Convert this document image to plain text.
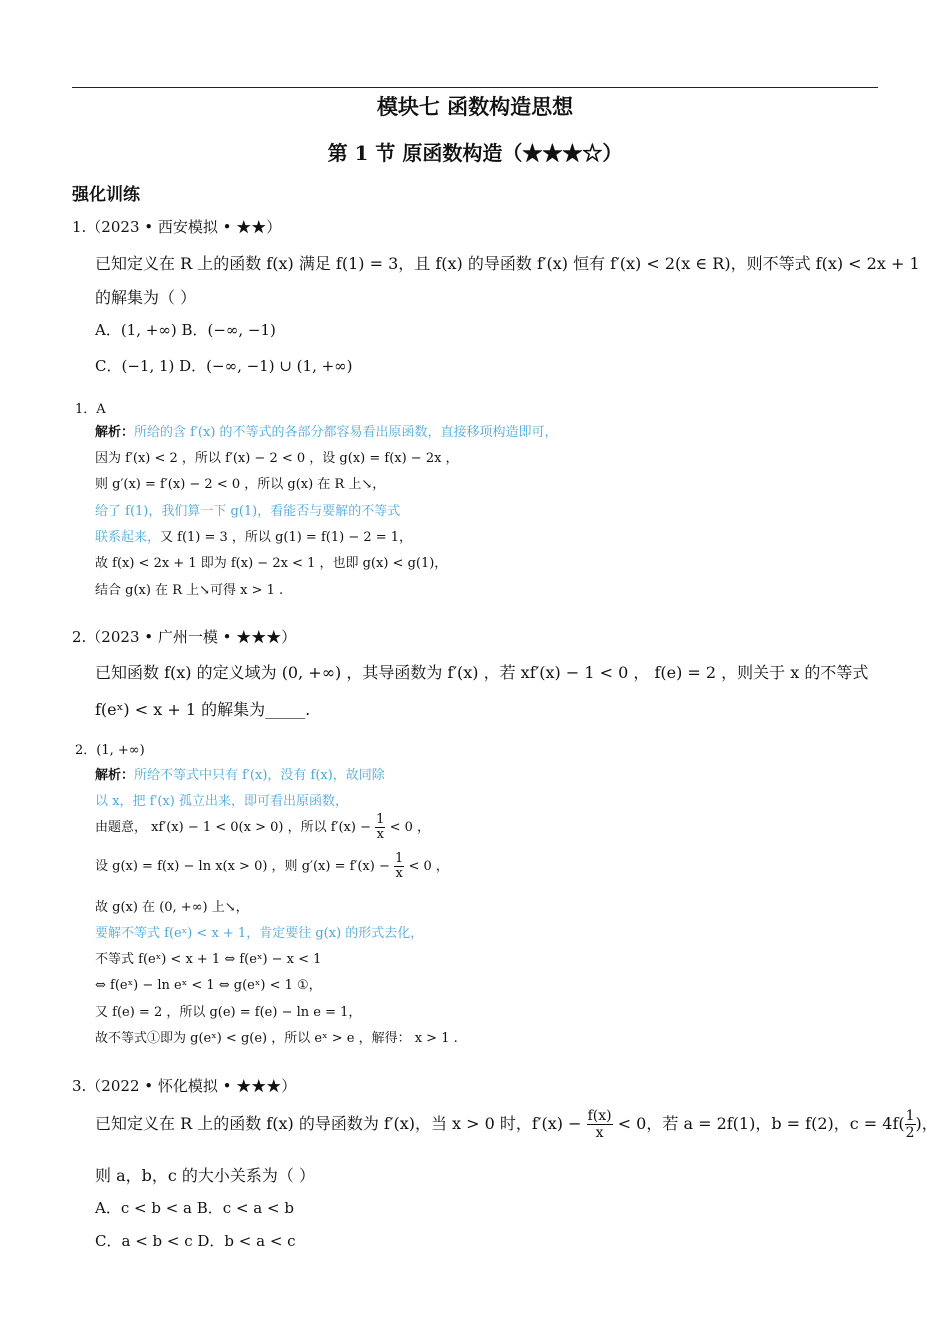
模块七 函数构造思想
第 1 节 原函数构造（★★★☆）
强化训练
1.（2023 • 西安模拟 • ★★）
已知定义在 R 上的函数 f(x) 满足 f(1) = 3，且 f(x) 的导函数 f′(x) 恒有 f′(x) < 2(x ∈ R)，则不等式 f(x) < 2x + 1
的解集为（ ）
A．(1, +∞) B．(−∞, −1)
C．(−1, 1) D．(−∞, −1) ∪ (1, +∞)
1．A
解析：所给的含 f′(x) 的不等式的各部分都容易看出原函数，直接移项构造即可，
因为 f′(x) < 2 ，所以 f′(x) − 2 < 0 ，设 g(x) = f(x) − 2x ，
则 g′(x) = f′(x) − 2 < 0 ，所以 g(x) 在 R 上↘，
给了 f(1)，我们算一下 g(1)，看能否与要解的不等式
联系起来，又 f(1) = 3 ，所以 g(1) = f(1) − 2 = 1，
故 f(x) < 2x + 1 即为 f(x) − 2x < 1 ，也即 g(x) < g(1)，
结合 g(x) 在 R 上↘可得 x > 1 .
2.（2023 • 广州一模 • ★★★）
已知函数 f(x) 的定义域为 (0, +∞) ，其导函数为 f′(x) ，若 xf′(x) − 1 < 0 ， f(e) = 2 ，则关于 x 的不等式
f(eˣ) < x + 1 的解集为_____.
2．(1, +∞)
解析：所给不等式中只有 f′(x)，没有 f(x)，故同除
以 x，把 f′(x) 孤立出来，即可看出原函数，
由题意， xf′(x) − 1 < 0(x > 0) ，所以 $f'(x) - \frac{1}{x} < 0$ ，
设 g(x) = f(x) − ln x(x > 0) ，则 $g'(x) = f'(x) - \frac{1}{x} < 0$ ，
故 g(x) 在 (0, +∞) 上↘，
要解不等式 f(eˣ) < x + 1，肯定要往 g(x) 的形式去化，
不等式 f(eˣ) < x + 1 ⇔ f(eˣ) − x < 1
⇔ f(eˣ) − ln eˣ < 1 ⇔ g(eˣ) < 1 ①，
又 f(e) = 2 ，所以 g(e) = f(e) − ln e = 1，
故不等式①即为 g(eˣ) < g(e) ，所以 eˣ > e ，解得： x > 1 .
3.（2022 • 怀化模拟 • ★★★）
已知定义在 R 上的函数 f(x) 的导函数为 f′(x)，当 x > 0 时，$f'(x) - \frac{f(x)}{x} < 0$，若 a = 2f(1)，b = f(2)，$c = 4f( \frac{1}{2}$ )，
则 a，b，c 的大小关系为（ ）
A．c < b < a B．c < a < b
C．a < b < c D．b < a < c
